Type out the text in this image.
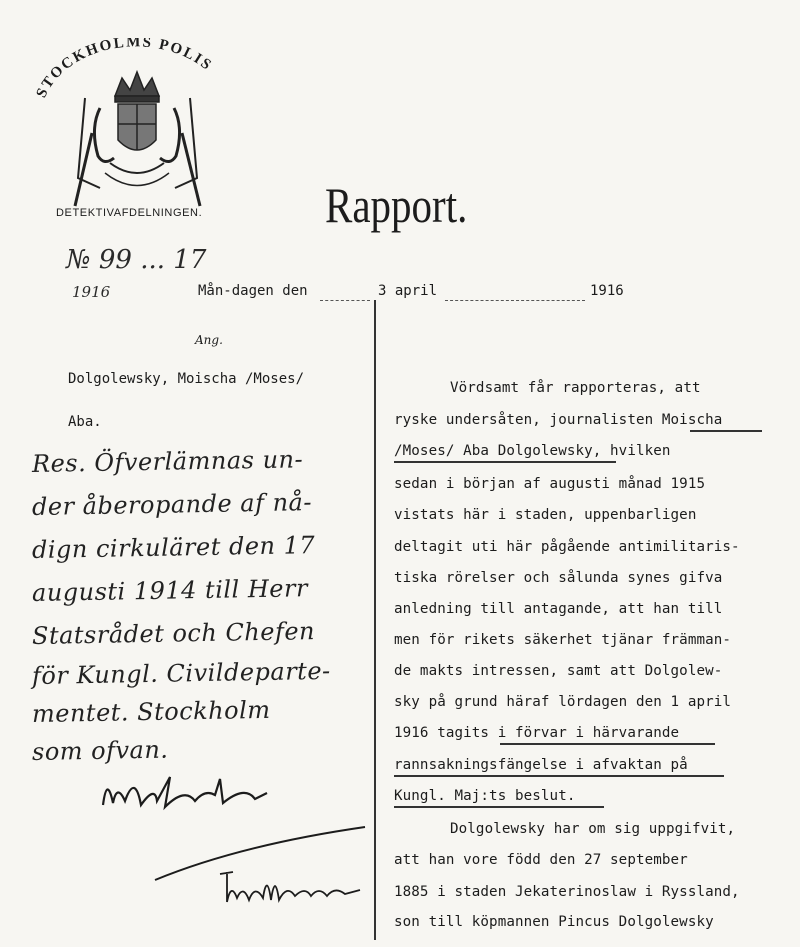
STOCKHOLMS POLIS
DETEKTIVAFDELNINGEN. Rapport.
№ 99 ... 17
1916	Mån-dagen den	3 april	1916
Ang.
Dolgolewsky, Moischa /Moses/
Aba.
Res. Öfverlämnas un-
der åberopande af nå-
dign cirkuläret den 17
augusti 1914 till Herr
Statsrådet och Chefen
för Kungl. Civildeparte-
mentet. Stockholm
som ofvan.
Vördsamt får rapporteras, att
ryske undersåten, journalisten Moischa
/Moses/ Aba Dolgolewsky, hvilken
sedan i början af augusti månad 1915
vistats här i staden, uppenbarligen
deltagit uti här pågående antimilitaris-
tiska rörelser och sålunda synes gifva
anledning till antagande, att han till
men för rikets säkerhet tjänar främman-
de makts intressen, samt att Dolgolew-
sky på grund häraf lördagen den 1 april
1916 tagits i förvar i härvarande
rannsakningsfängelse i afvaktan på
Kungl. Maj:ts beslut.
Dolgolewsky har om sig uppgifvit,
att han vore född den 27 september
1885 i staden Jekaterinoslaw i Ryssland,
son till köpmannen Pincus Dolgolewsky
